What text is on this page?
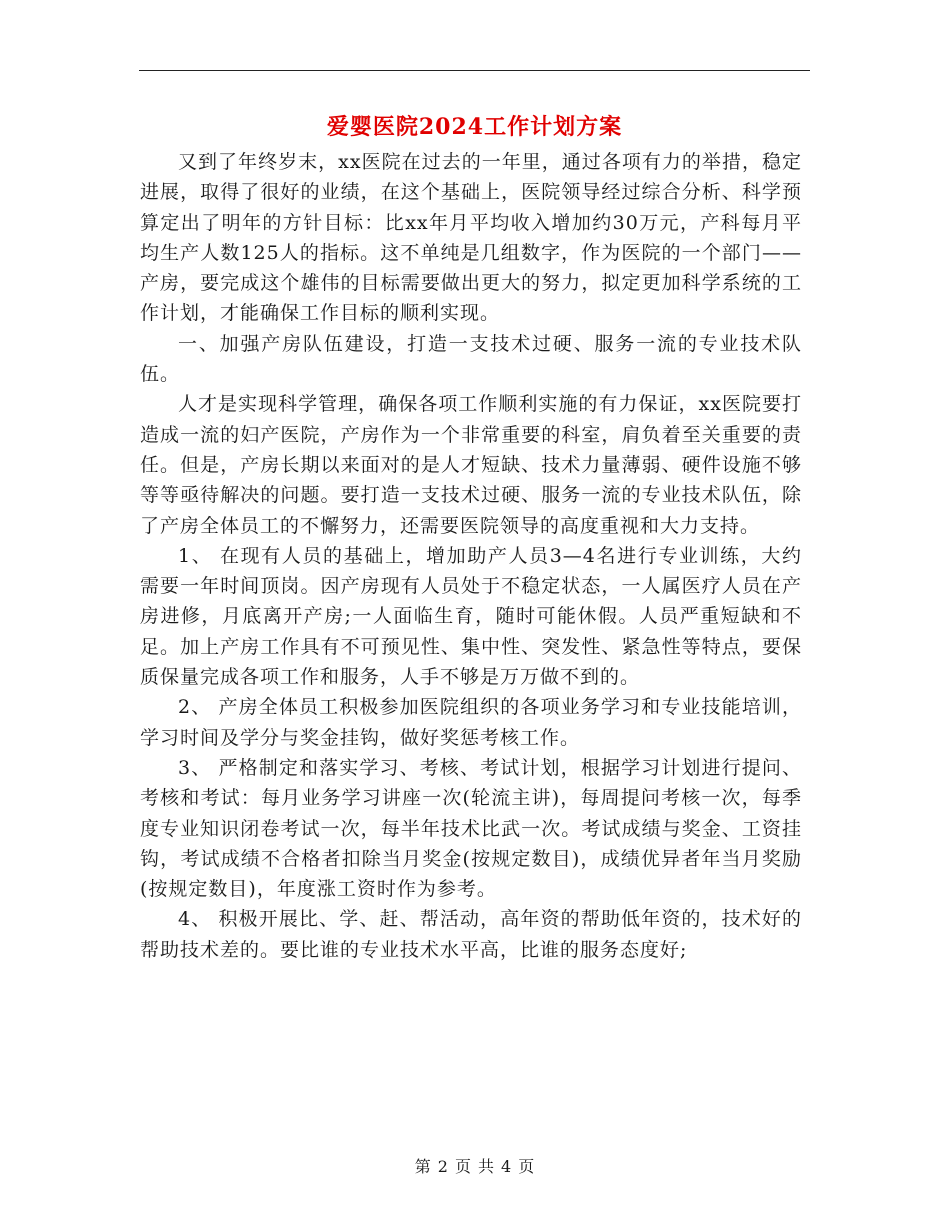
爱婴医院2024工作计划方案

又到了年终岁末，xx医院在过去的一年里，通过各项有力的举措，稳定进展，取得了很好的业绩，在这个基础上，医院领导经过综合分析、科学预算定出了明年的方针目标：比xx年月平均收入增加约30万元，产科每月平均生产人数125人的指标。这不单纯是几组数字，作为医院的一个部门——产房，要完成这个雄伟的目标需要做出更大的努力，拟定更加科学系统的工作计划，才能确保工作目标的顺利实现。

一、加强产房队伍建设，打造一支技术过硬、服务一流的专业技术队伍。

人才是实现科学管理，确保各项工作顺利实施的有力保证，xx医院要打造成一流的妇产医院，产房作为一个非常重要的科室，肩负着至关重要的责任。但是，产房长期以来面对的是人才短缺、技术力量薄弱、硬件设施不够等等亟待解决的问题。要打造一支技术过硬、服务一流的专业技术队伍，除了产房全体员工的不懈努力，还需要医院领导的高度重视和大力支持。

1、 在现有人员的基础上，增加助产人员3—4名进行专业训练，大约需要一年时间顶岗。因产房现有人员处于不稳定状态，一人属医疗人员在产房进修，月底离开产房;一人面临生育，随时可能休假。人员严重短缺和不足。加上产房工作具有不可预见性、集中性、突发性、紧急性等特点，要保质保量完成各项工作和服务，人手不够是万万做不到的。

2、 产房全体员工积极参加医院组织的各项业务学习和专业技能培训，学习时间及学分与奖金挂钩，做好奖惩考核工作。

3、 严格制定和落实学习、考核、考试计划，根据学习计划进行提问、考核和考试：每月业务学习讲座一次(轮流主讲)，每周提问考核一次，每季度专业知识闭卷考试一次，每半年技术比武一次。考试成绩与奖金、工资挂钩，考试成绩不合格者扣除当月奖金(按规定数目)，成绩优异者年当月奖励(按规定数目)，年度涨工资时作为参考。

4、 积极开展比、学、赶、帮活动，高年资的帮助低年资的，技术好的帮助技术差的。要比谁的专业技术水平高，比谁的服务态度好;

第 2 页 共 4 页
